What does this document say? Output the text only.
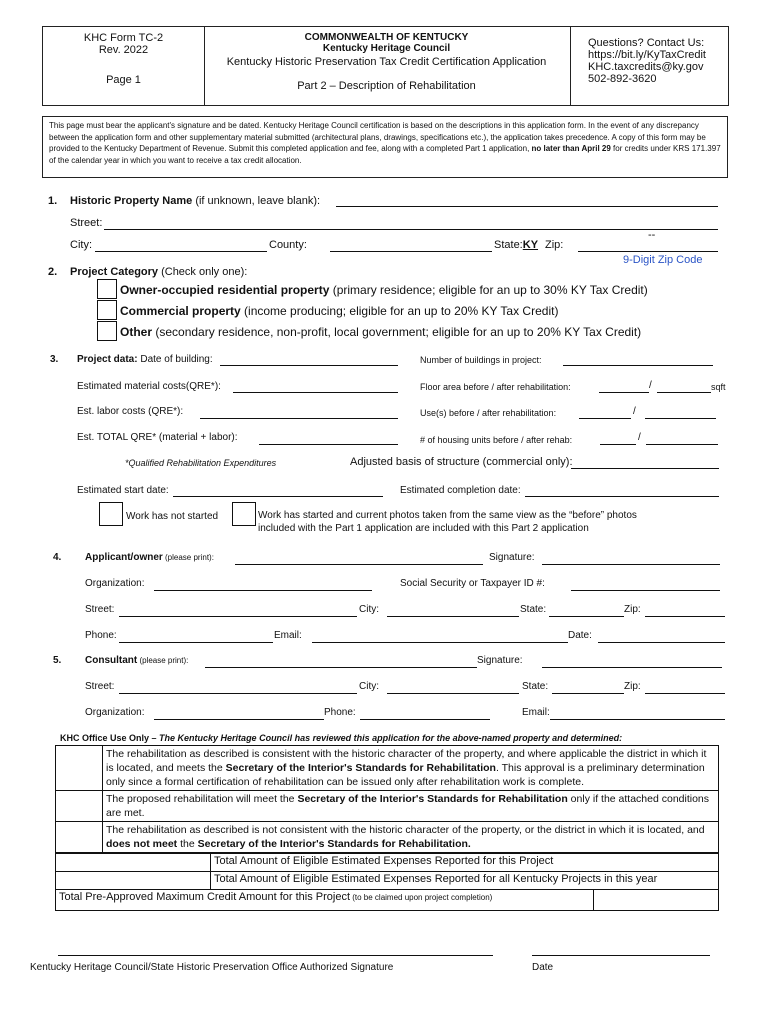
KHC Form TC-2
Rev. 2022
Page 1
COMMONWEALTH OF KENTUCKY
Kentucky Heritage Council
Kentucky Historic Preservation Tax Credit Certification Application
Part 2 – Description of Rehabilitation
Questions? Contact Us:
https://bit.ly/KyTaxCredit
KHC.taxcredits@ky.gov
502-892-3620
This page must bear the applicant's signature and be dated. Kentucky Heritage Council certification is based on the descriptions in this application form. In the event of any discrepancy between the application form and other supplementary material submitted (architectural plans, drawings, specifications etc.), the application takes precedence. A copy of this form may be provided to the Kentucky Department of Revenue. Submit this completed application and fee, along with a completed Part 1 application, no later than April 29 for credits under KRS 171.397 of the calendar year in which you want to receive a tax credit allocation.
1. Historic Property Name (if unknown, leave blank):
Street:
City:	County:	State:KY Zip:
--
9-Digit Zip Code
2. Project Category (Check only one):
Owner-occupied residential property (primary residence; eligible for an up to 30% KY Tax Credit)
Commercial property (income producing; eligible for an up to 20% KY Tax Credit)
Other (secondary residence, non-profit, local government; eligible for an up to 20% KY Tax Credit)
3. Project data: Date of building:	Number of buildings in project:
Estimated material costs(QRE*):	Floor area before / after rehabilitation:	/	sqft
Est. labor costs (QRE*):	Use(s) before / after rehabilitation:	/
Est. TOTAL QRE* (material + labor):	# of housing units before / after rehab:	/
*Qualified Rehabilitation Expenditures	Adjusted basis of structure (commercial only):
Estimated start date:	Estimated completion date:
Work has not started	Work has started and current photos taken from the same view as the “before” photos
included with the Part 1 application are included with this Part 2 application
4. Applicant/owner (please print):	Signature:
Organization:	Social Security or Taxpayer ID #:
Street:	City:	State:	Zip:
Phone:	Email:	Date:
5. Consultant (please print):	Signature:
Street:	City:	State:	Zip:
Organization:	Phone:	Email:
KHC Office Use Only – The Kentucky Heritage Council has reviewed this application for the above-named property and determined:
	The rehabilitation as described is consistent with the historic character of the property, and where applicable the district in which it is located, and meets the Secretary of the Interior's Standards for Rehabilitation. This approval is a preliminary determination only since a formal certification of rehabilitation can be issued only after rehabilitation work is complete.
	The proposed rehabilitation will meet the Secretary of the Interior's Standards for Rehabilitation only if the attached conditions are met.
	The rehabilitation as described is not consistent with the historic character of the property, or the district in which it is located, and does not meet the Secretary of the Interior's Standards for Rehabilitation.
	Total Amount of Eligible Estimated Expenses Reported for this Project	
	Total Amount of Eligible Estimated Expenses Reported for all Kentucky Projects in this year	
Total Pre-Approved Maximum Credit Amount for this Project (to be claimed upon project completion)		
Kentucky Heritage Council/State Historic Preservation Office Authorized Signature	Date
